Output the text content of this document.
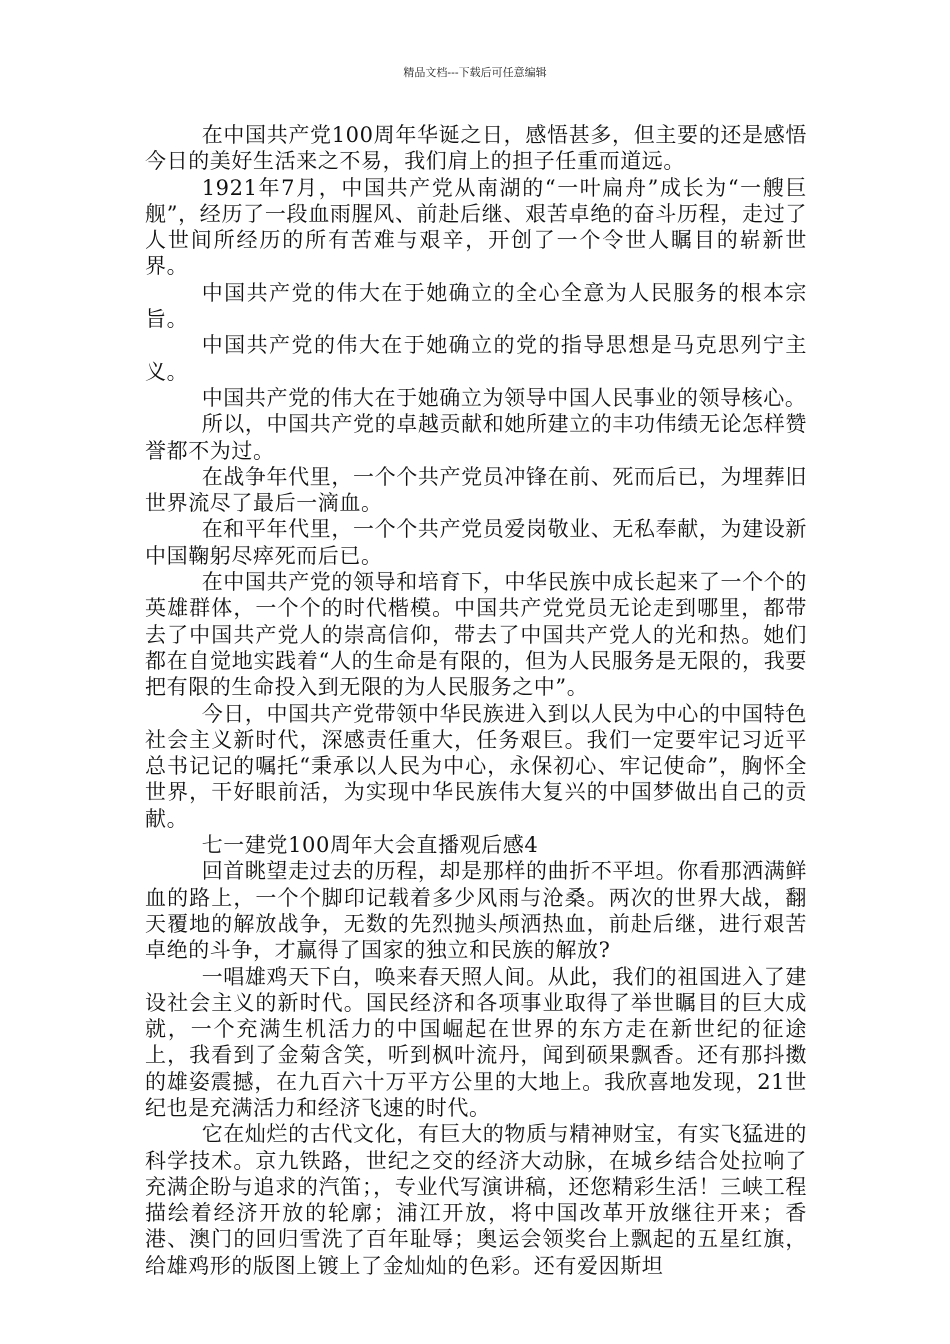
精品文档---下载后可任意编辑

在中国共产党100周年华诞之日，感悟甚多，但主要的还是感悟今日的美好生活来之不易，我们肩上的担子任重而道远。

1921年7月，中国共产党从南湖的“一叶扁舟”成长为“一艘巨舰”，经历了一段血雨腥风、前赴后继、艰苦卓绝的奋斗历程，走过了人世间所经历的所有苦难与艰辛，开创了一个令世人瞩目的崭新世界。

中国共产党的伟大在于她确立的全心全意为人民服务的根本宗旨。

中国共产党的伟大在于她确立的党的指导思想是马克思列宁主义。

中国共产党的伟大在于她确立为领导中国人民事业的领导核心。

所以，中国共产党的卓越贡献和她所建立的丰功伟绩无论怎样赞誉都不为过。

在战争年代里，一个个共产党员冲锋在前、死而后已，为埋葬旧世界流尽了最后一滴血。

在和平年代里，一个个共产党员爱岗敬业、无私奉献，为建设新中国鞠躬尽瘁死而后已。

在中国共产党的领导和培育下，中华民族中成长起来了一个个的英雄群体，一个个的时代楷模。中国共产党党员无论走到哪里，都带去了中国共产党人的崇高信仰，带去了中国共产党人的光和热。她们都在自觉地实践着“人的生命是有限的，但为人民服务是无限的，我要把有限的生命投入到无限的为人民服务之中”。

今日，中国共产党带领中华民族进入到以人民为中心的中国特色社会主义新时代，深感责任重大，任务艰巨。我们一定要牢记习近平总书记记的嘱托“秉承以人民为中心，永保初心、牢记使命”，胸怀全世界，干好眼前活，为实现中华民族伟大复兴的中国梦做出自己的贡献。

七一建党100周年大会直播观后感4

回首眺望走过去的历程，却是那样的曲折不平坦。你看那洒满鲜血的路上，一个个脚印记载着多少风雨与沧桑。两次的世界大战，翻天覆地的解放战争，无数的先烈抛头颅洒热血，前赴后继，进行艰苦卓绝的斗争，才赢得了国家的独立和民族的解放?

一唱雄鸡天下白，唤来春天照人间。从此，我们的祖国进入了建设社会主义的新时代。国民经济和各项事业取得了举世瞩目的巨大成就，一个充满生机活力的中国崛起在世界的东方走在新世纪的征途上，我看到了金菊含笑，听到枫叶流丹，闻到硕果飘香。还有那抖擞的雄姿震撼，在九百六十万平方公里的大地上。我欣喜地发现，21世纪也是充满活力和经济飞速的时代。

它在灿烂的古代文化，有巨大的物质与精神财宝，有实飞猛进的科学技术。京九铁路，世纪之交的经济大动脉，在城乡结合处拉响了充满企盼与追求的汽笛；，专业代写演讲稿，还您精彩生活！三峡工程描绘着经济开放的轮廓；浦江开放，将中国改革开放继往开来；香港、澳门的回归雪洗了百年耻辱；奥运会领奖台上飘起的五星红旗，给雄鸡形的版图上镀上了金灿灿的色彩。还有爱因斯坦
